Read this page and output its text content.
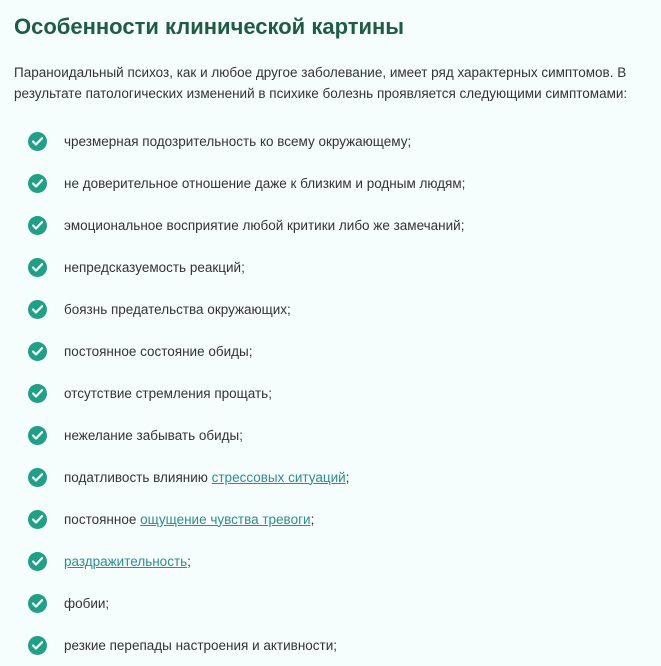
Особенности клинической картины

Параноидальный психоз, как и любое другое заболевание, имеет ряд характерных симптомов. В результате патологических изменений в психике болезнь проявляется следующими симптомами:

чрезмерная подозрительность ко всему окружающему;
не доверительное отношение даже к близким и родным людям;
эмоциональное восприятие любой критики либо же замечаний;
непредсказуемость реакций;
боязнь предательства окружающих;
постоянное состояние обиды;
отсутствие стремления прощать;
нежелание забывать обиды;
податливость влиянию стрессовых ситуаций;
постоянное ощущение чувства тревоги;
раздражительность;
фобии;
резкие перепады настроения и активности;
